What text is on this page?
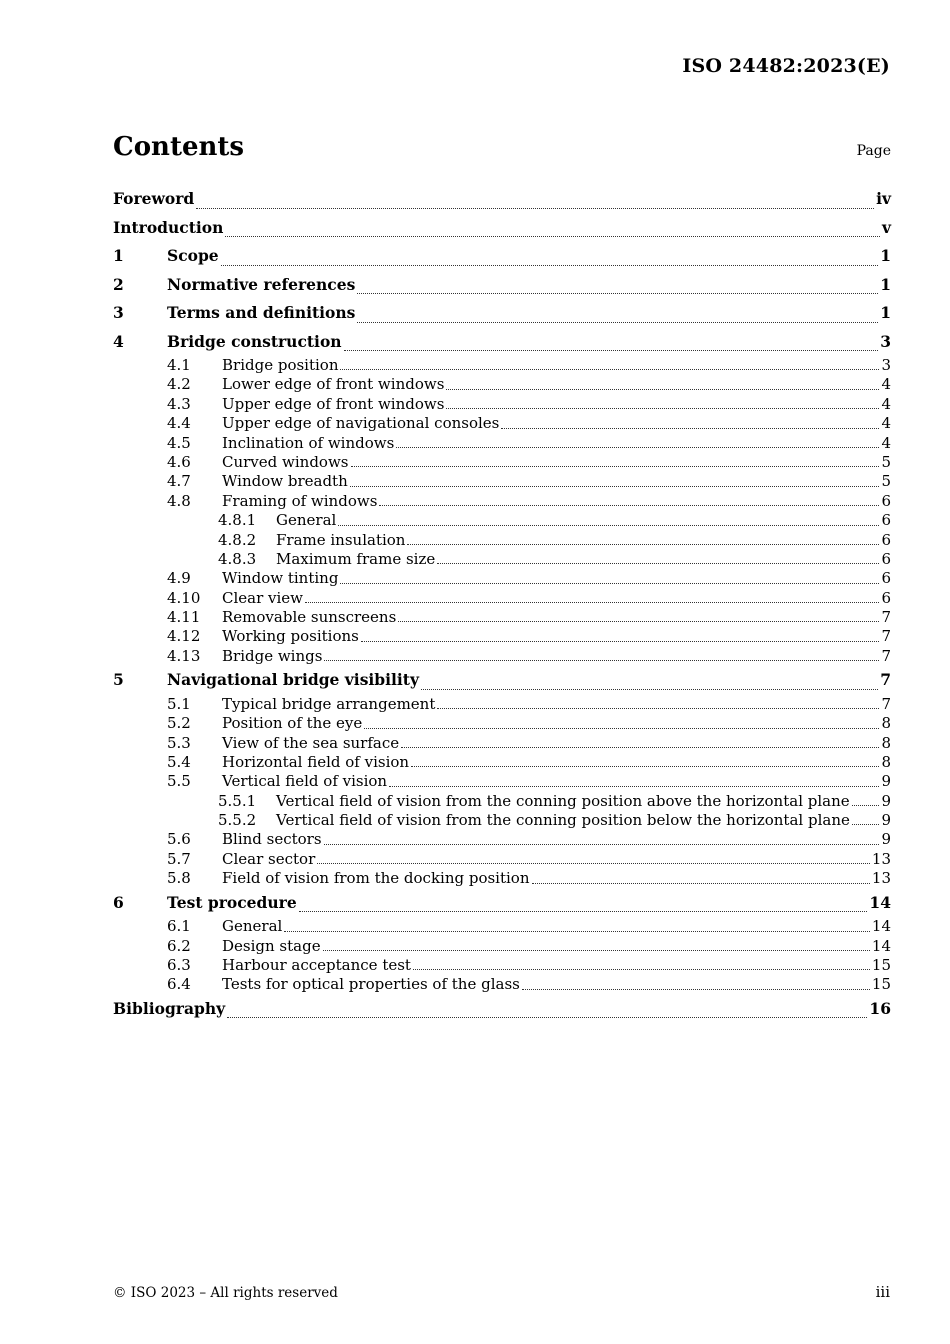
ISO 24482:2023(E)
Contents	Page
Foreword	iv
Introduction	v
1	Scope	1
2	Normative references	1
3	Terms and definitions	1
4	Bridge construction	3
4.1	Bridge position	3
4.2	Lower edge of front windows	4
4.3	Upper edge of front windows	4
4.4	Upper edge of navigational consoles	4
4.5	Inclination of windows	4
4.6	Curved windows	5
4.7	Window breadth	5
4.8	Framing of windows	6
4.8.1	General	6
4.8.2	Frame insulation	6
4.8.3	Maximum frame size	6
4.9	Window tinting	6
4.10	Clear view	6
4.11	Removable sunscreens	7
4.12	Working positions	7
4.13	Bridge wings	7
5	Navigational bridge visibility	7
5.1	Typical bridge arrangement	7
5.2	Position of the eye	8
5.3	View of the sea surface	8
5.4	Horizontal field of vision	8
5.5	Vertical field of vision	9
5.5.1	Vertical field of vision from the conning position above the horizontal plane 9
5.5.2	Vertical field of vision from the conning position below the horizontal plane 9
5.6	Blind sectors	9
5.7	Clear sector	13
5.8	Field of vision from the docking position	13
6	Test procedure	14
6.1	General	14
6.2	Design stage	14
6.3	Harbour acceptance test	15
6.4	Tests for optical properties of the glass	15
Bibliography	16
© ISO 2023 – All rights reserved	iii
